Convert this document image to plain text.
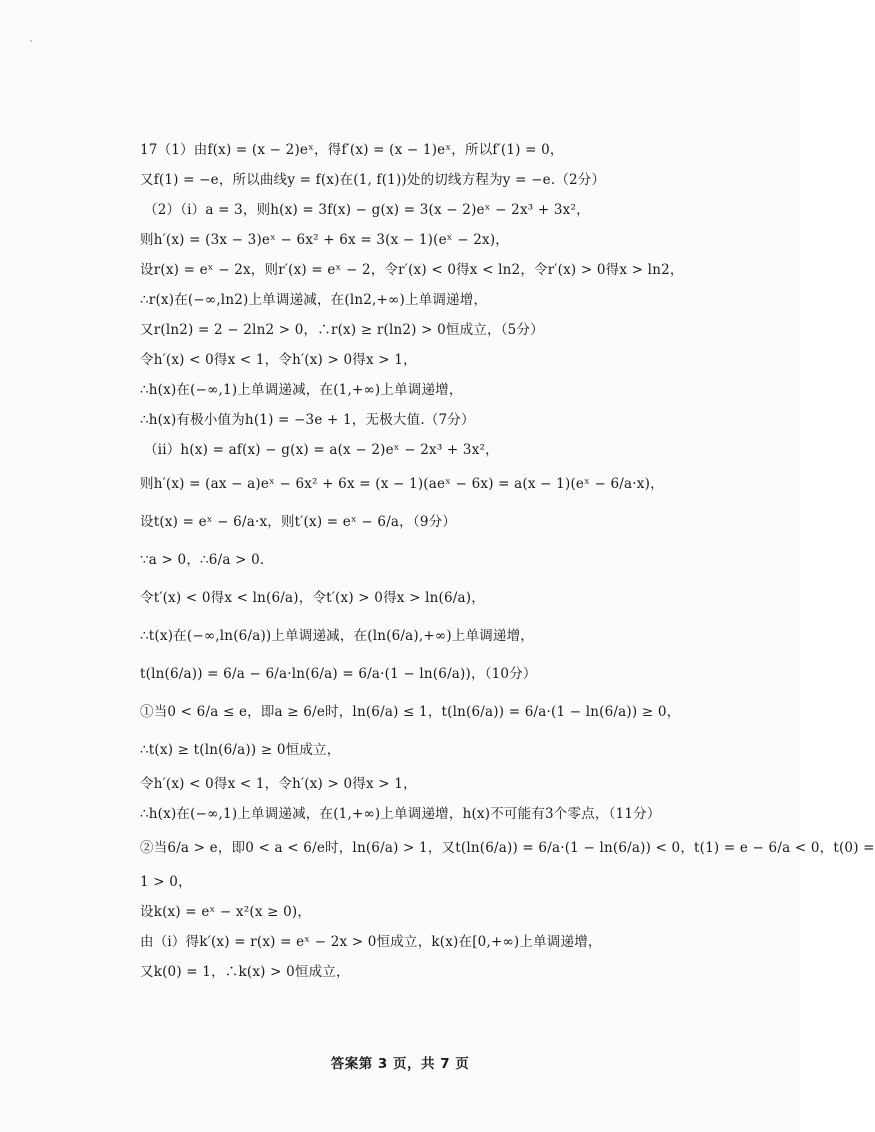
17（1）由f(x) = (x − 2)eˣ，得f′(x) = (x − 1)eˣ，所以f′(1) = 0，
又f(1) = −e，所以曲线y = f(x)在(1, f(1))处的切线方程为y = −e.（2分）
（2）（i）a = 3，则h(x) = 3f(x) − g(x) = 3(x − 2)eˣ − 2x³ + 3x²，
则h′(x) = (3x − 3)eˣ − 6x² + 6x = 3(x − 1)(eˣ − 2x)，
设r(x) = eˣ − 2x，则r′(x) = eˣ − 2，令r′(x) < 0得x < ln2，令r′(x) > 0得x > ln2，
∴r(x)在(−∞,ln2)上单调递减，在(ln2,+∞)上单调递增，
又r(ln2) = 2 − 2ln2 > 0，∴r(x) ≥ r(ln2) > 0恒成立，（5分）
令h′(x) < 0得x < 1，令h′(x) > 0得x > 1，
∴h(x)在(−∞,1)上单调递减，在(1,+∞)上单调递增，
∴h(x)有极小值为h(1) = −3e + 1，无极大值.（7分）
（ii）h(x) = af(x) − g(x) = a(x − 2)eˣ − 2x³ + 3x²，
则h′(x) = (ax − a)eˣ − 6x² + 6x = (x − 1)(aeˣ − 6x) = a(x − 1)(eˣ − 6/a·x)，
设t(x) = eˣ − 6/a·x，则t′(x) = eˣ − 6/a，（9分）
∵a > 0，∴6/a > 0.
令t′(x) < 0得x < ln(6/a)，令t′(x) > 0得x > ln(6/a)，
∴t(x)在(−∞,ln(6/a))上单调递减，在(ln(6/a),+∞)上单调递增，
t(ln(6/a)) = 6/a − 6/a·ln(6/a) = 6/a·(1 − ln(6/a))，（10分）
①当0 < 6/a ≤ e，即a ≥ 6/e时，ln(6/a) ≤ 1，t(ln(6/a)) = 6/a·(1 − ln(6/a)) ≥ 0，
∴t(x) ≥ t(ln(6/a)) ≥ 0恒成立，
令h′(x) < 0得x < 1，令h′(x) > 0得x > 1，
∴h(x)在(−∞,1)上单调递减，在(1,+∞)上单调递增，h(x)不可能有3个零点，（11分）
②当6/a > e，即0 < a < 6/e时，ln(6/a) > 1，又t(ln(6/a)) = 6/a·(1 − ln(6/a)) < 0，t(1) = e − 6/a < 0，t(0) =
1 > 0，
设k(x) = eˣ − x²(x ≥ 0)，
由（i）得k′(x) = r(x) = eˣ − 2x > 0恒成立，k(x)在[0,+∞)上单调递增，
又k(0) = 1，∴k(x) > 0恒成立，
答案第 3 页，共 7 页
